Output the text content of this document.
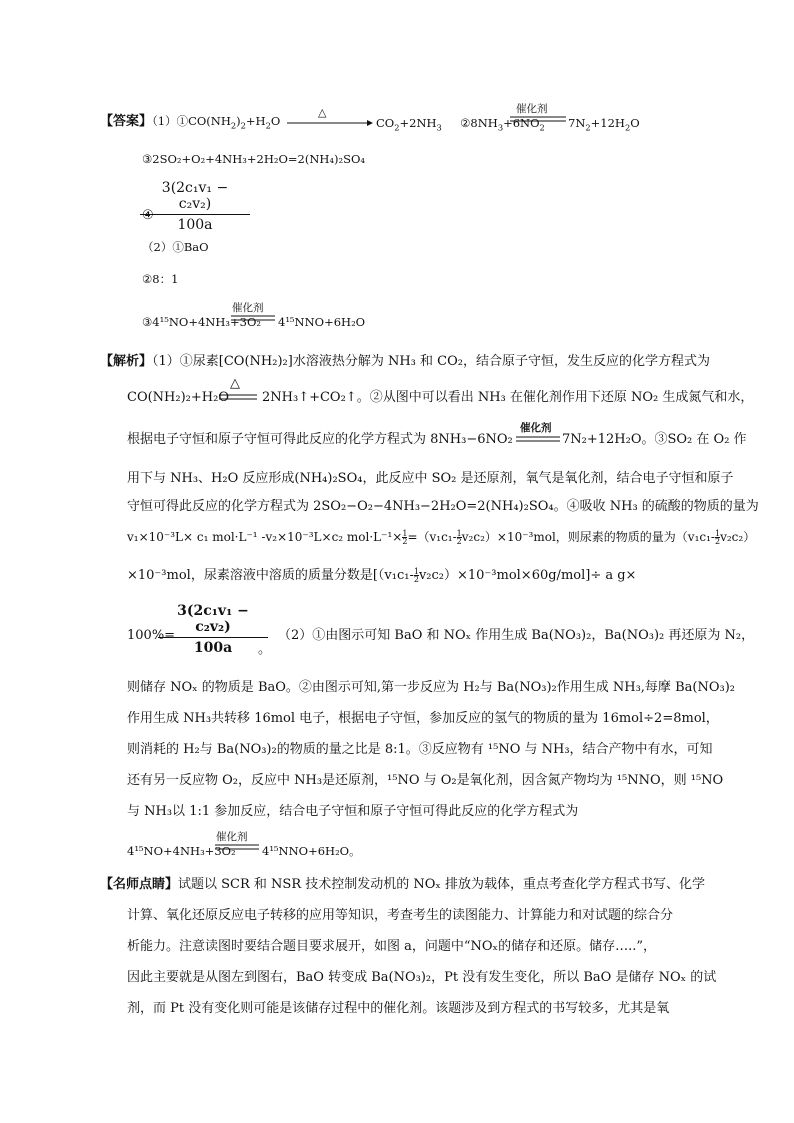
【答案】$(1)①CO(NH_2)_2+H_2O$
△
$CO_2+2NH_3$ $②8NH_3+6NO_2$
催化剂
$7N_2+12H_2O$
③2SO₂+O₂+4NH₃+2H₂O=2(NH₄)₂SO₄
④
3(2c₁v₁ − c₂v₂)
100a
（2）①BaO
②8：1
③4¹⁵NO+4NH₃+3O₂
催化剂
4¹⁵NNO+6H₂O
【解析】（1）①尿素[CO(NH₂)₂]水溶液热分解为 NH₃ 和 CO₂，结合原子守恒，发生反应的化学方程式为
CO(NH₂)₂+H₂O
△
2NH₃↑+CO₂↑。②从图中可以看出 NH₃ 在催化剂作用下还原 NO₂ 生成氮气和水，
根据电子守恒和原子守恒可得此反应的化学方程式为 8NH₃−6NO₂
催化剂
7N₂+12H₂O。③SO₂ 在 O₂ 作
用下与 NH₃、H₂O 反应形成(NH₄)₂SO₄，此反应中 SO₂ 是还原剂，氧气是氧化剂，结合电子守恒和原子
守恒可得此反应的化学方程式为 2SO₂−O₂−4NH₃−2H₂O=2(NH₄)₂SO₄。④吸收 NH₃ 的硫酸的物质的量为
v₁×10⁻³L× c₁ mol·L⁻¹ -v₂×10⁻³L×c₂ $mol\cdot L^{-1}\times \frac{1}{2} =(v_1c_1- \frac{1}{2} v_2c_2)\times 10^{-3}mol$，则尿素的物质的量为$(v_1c_1- \frac{1}{2} v_2c_2)$
×10⁻³mol，尿素溶液中溶质的质量分数是$[(v_1c_1- \frac{1}{2} v_2c_2)\times 10^{-3}mol\times 60g/mol]\div a$ g×
3(2c₁v₁ − c₂v₂)
100a
100%=	（2）①由图示可知 BaO 和 NOₓ 作用生成 Ba(NO₃)₂，Ba(NO₃)₂ 再还原为 N₂，
。
则储存 NOₓ 的物质是 BaO。②由图示可知,第一步反应为 H₂与 Ba(NO₃)₂作用生成 NH₃,每摩 Ba(NO₃)₂
作用生成 NH₃共转移 16mol 电子，根据电子守恒，参加反应的氢气的物质的量为 16mol÷2=8mol，
则消耗的 H₂与 Ba(NO₃)₂的物质的量之比是 8:1。③反应物有 ¹⁵NO 与 NH₃，结合产物中有水，可知
还有另一反应物 O₂，反应中 NH₃是还原剂，¹⁵NO 与 O₂是氧化剂，因含氮产物均为 ¹⁵NNO，则 ¹⁵NO
与 NH₃以 1:1 参加反应，结合电子守恒和原子守恒可得此反应的化学方程式为
4¹⁵NO+4NH₃+3O₂
催化剂
4¹⁵NNO+6H₂O。
【名师点睛】试题以 SCR 和 NSR 技术控制发动机的 NOₓ 排放为载体，重点考查化学方程式书写、化学
计算、氧化还原反应电子转移的应用等知识，考查考生的读图能力、计算能力和对试题的综合分
析能力。注意读图时要结合题目要求展开，如图 a，问题中“NOₓ的储存和还原。储存…..”，
因此主要就是从图左到图右，BaO 转变成 Ba(NO₃)₂，Pt 没有发生变化，所以 BaO 是储存 NOₓ 的试
剂，而 Pt 没有变化则可能是该储存过程中的催化剂。该题涉及到方程式的书写较多，尤其是氧
